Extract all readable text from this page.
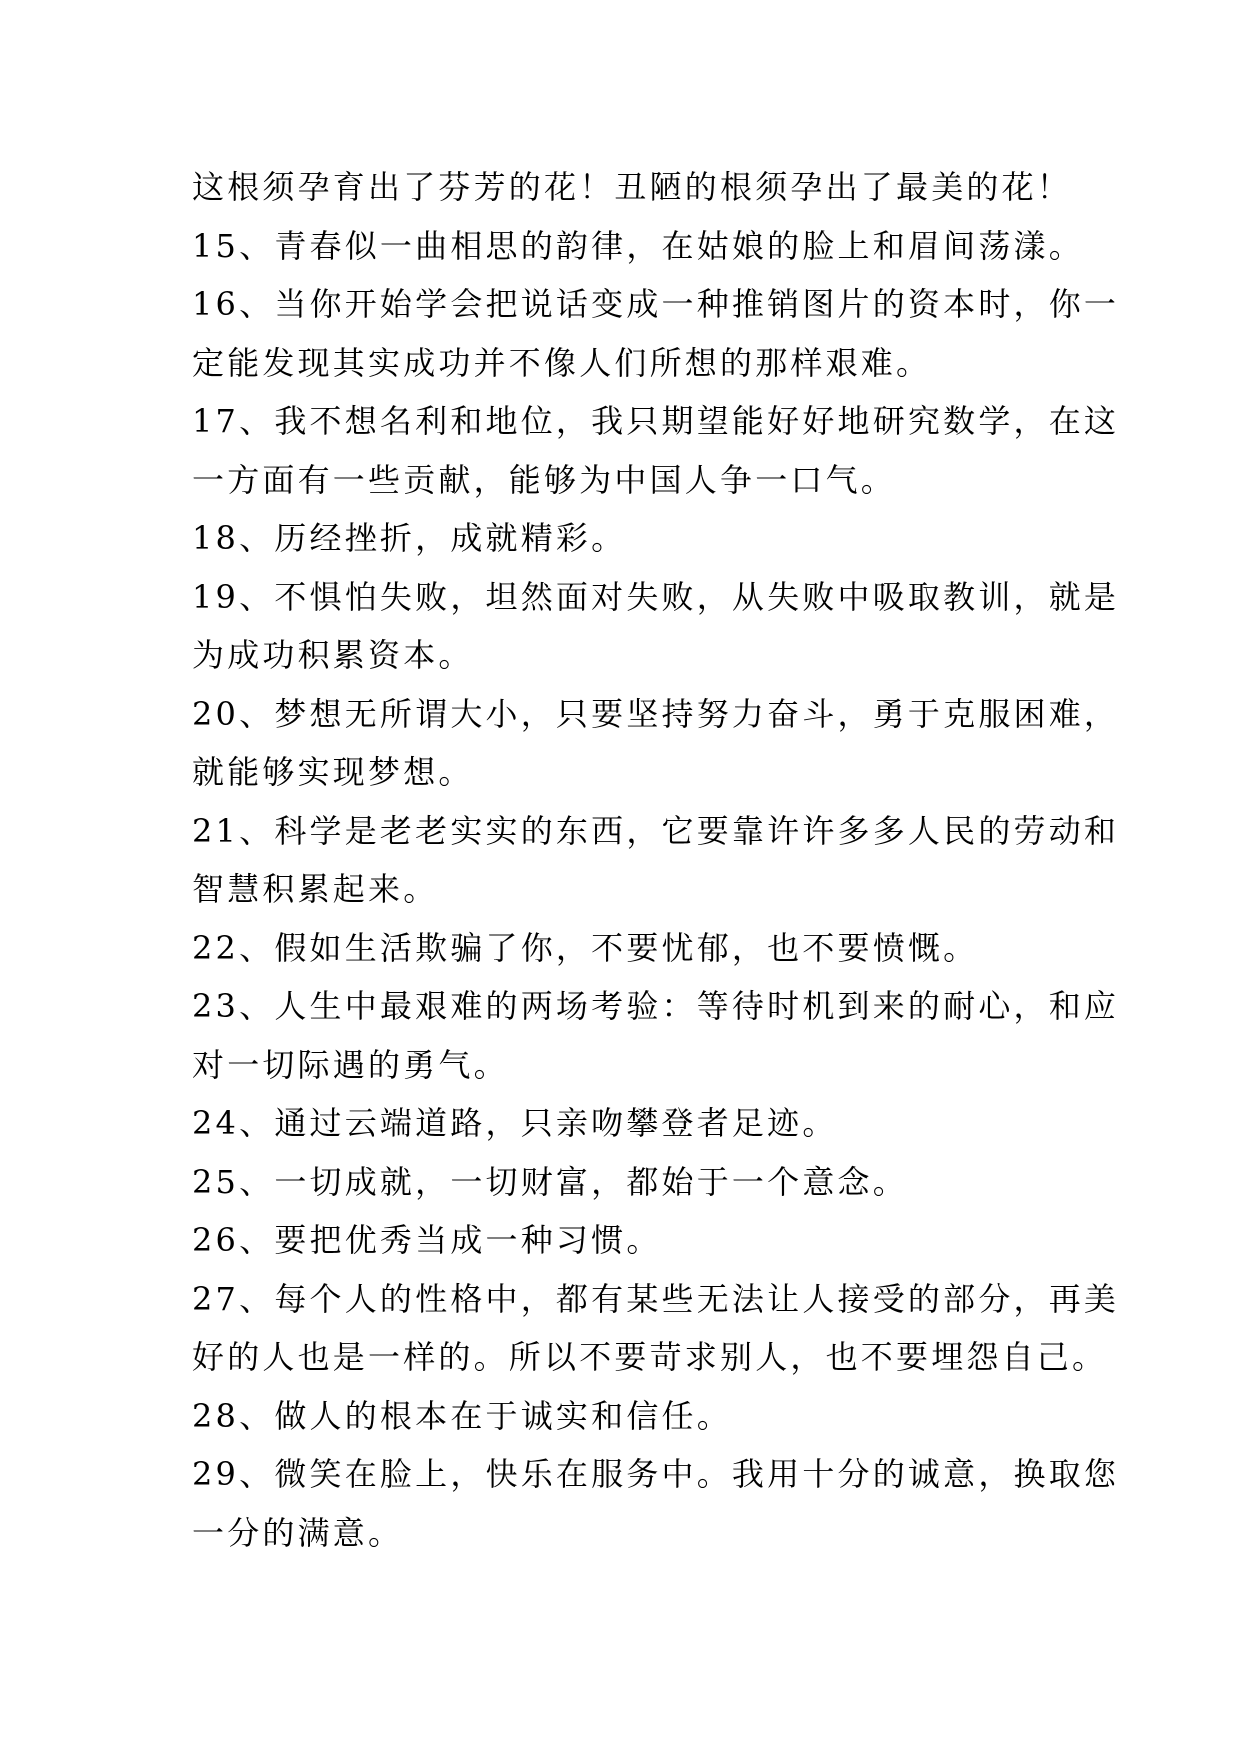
这根须孕育出了芬芳的花！丑陋的根须孕出了最美的花！
15、青春似一曲相思的韵律，在姑娘的脸上和眉间荡漾。
16、当你开始学会把说话变成一种推销图片的资本时，你一
定能发现其实成功并不像人们所想的那样艰难。
17、我不想名利和地位，我只期望能好好地研究数学，在这
一方面有一些贡献，能够为中国人争一口气。
18、历经挫折，成就精彩。
19、不惧怕失败，坦然面对失败，从失败中吸取教训，就是
为成功积累资本。
20、梦想无所谓大小，只要坚持努力奋斗，勇于克服困难，
就能够实现梦想。
21、科学是老老实实的东西，它要靠许许多多人民的劳动和
智慧积累起来。
22、假如生活欺骗了你，不要忧郁，也不要愤慨。
23、人生中最艰难的两场考验：等待时机到来的耐心，和应
对一切际遇的勇气。
24、通过云端道路，只亲吻攀登者足迹。
25、一切成就，一切财富，都始于一个意念。
26、要把优秀当成一种习惯。
27、每个人的性格中，都有某些无法让人接受的部分，再美
好的人也是一样的。所以不要苛求别人，也不要埋怨自己。
28、做人的根本在于诚实和信任。
29、微笑在脸上，快乐在服务中。我用十分的诚意，换取您
一分的满意。
